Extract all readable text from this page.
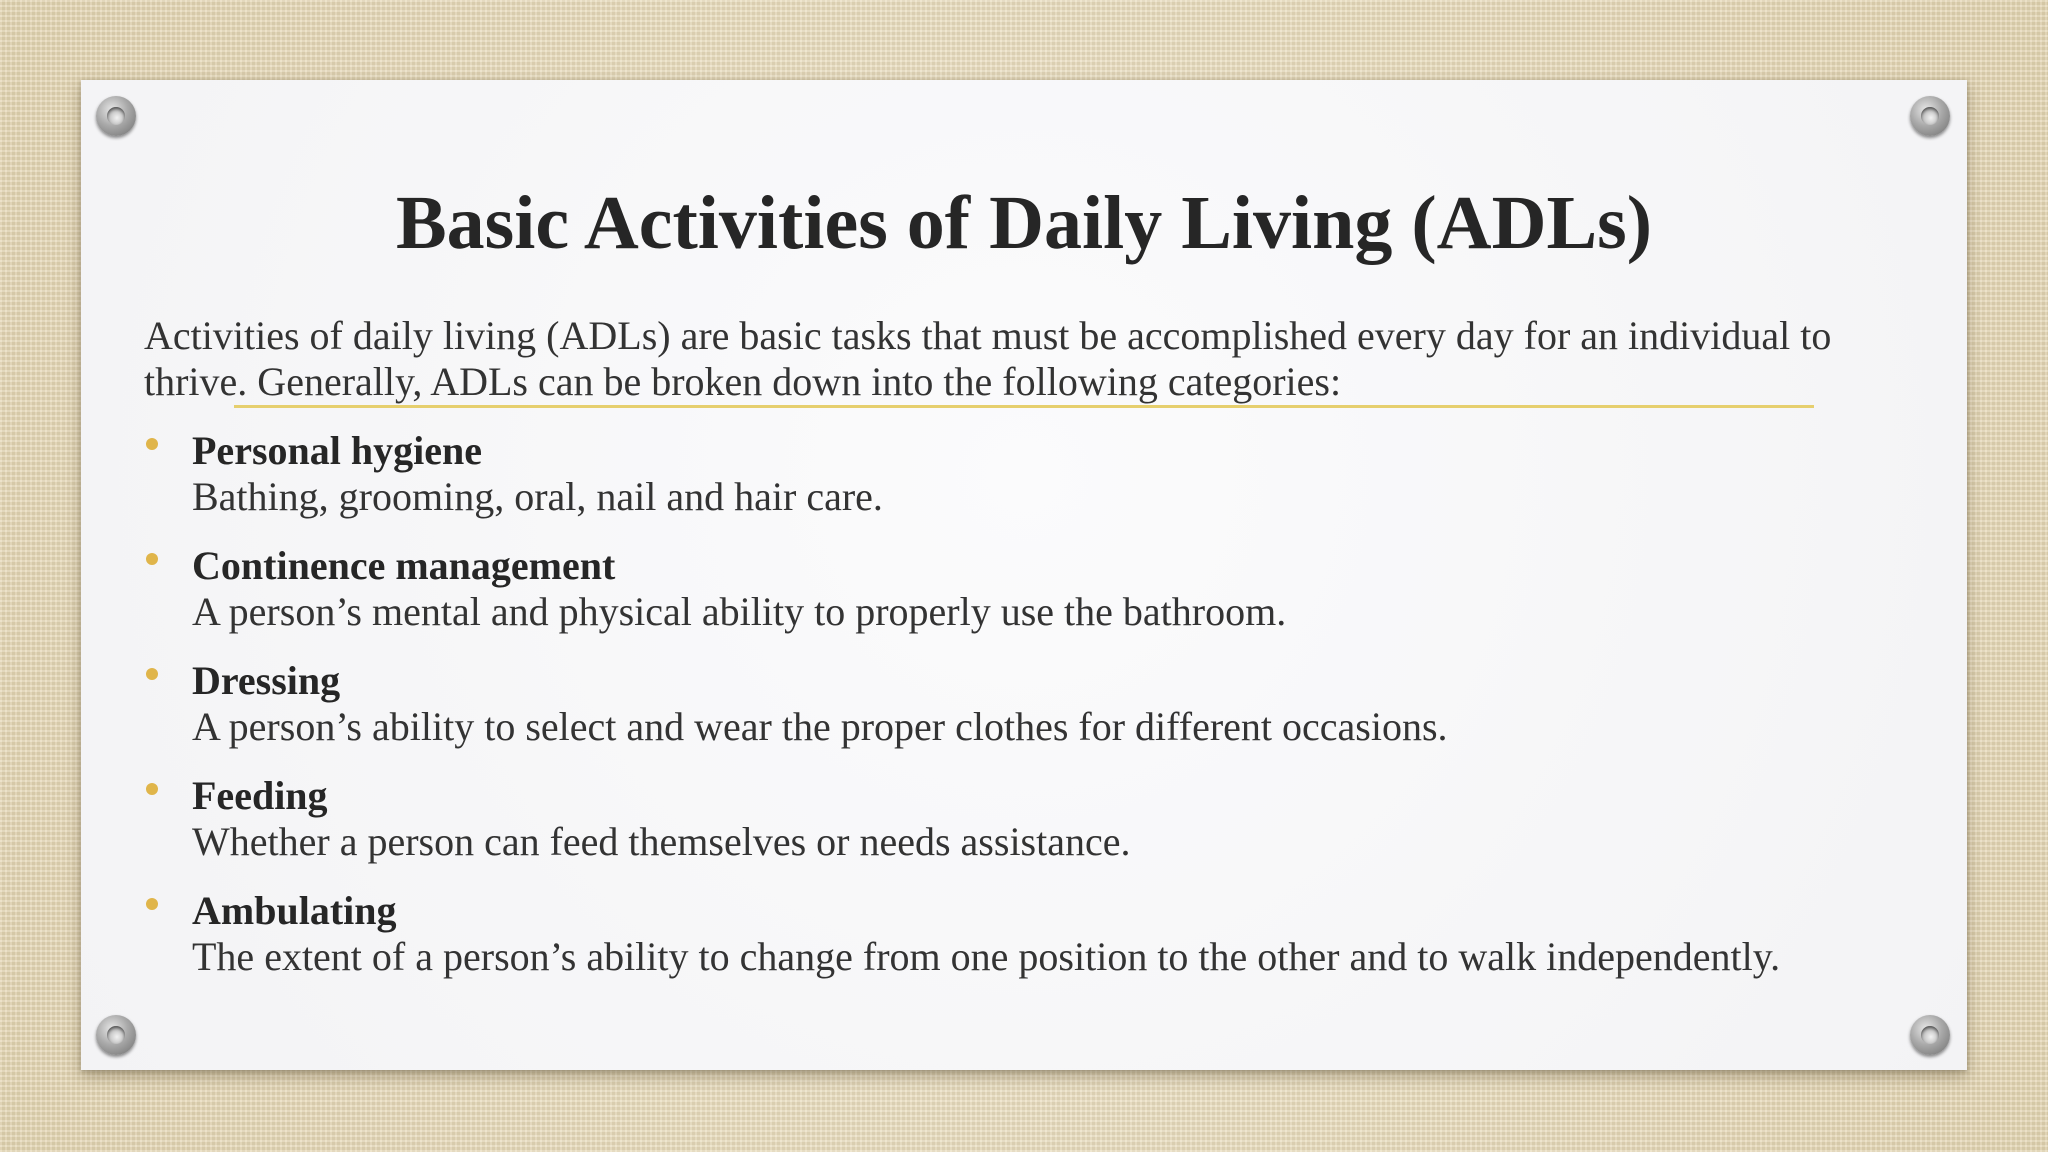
Basic Activities of Daily Living (ADLs)

Activities of daily living (ADLs) are basic tasks that must be accomplished every day for an individual to thrive. Generally, ADLs can be broken down into the following categories:

Personal hygiene
Bathing, grooming, oral, nail and hair care.
Continence management
A person’s mental and physical ability to properly use the bathroom.
Dressing
A person’s ability to select and wear the proper clothes for different occasions.
Feeding
Whether a person can feed themselves or needs assistance.
Ambulating
The extent of a person’s ability to change from one position to the other and to walk independently.
